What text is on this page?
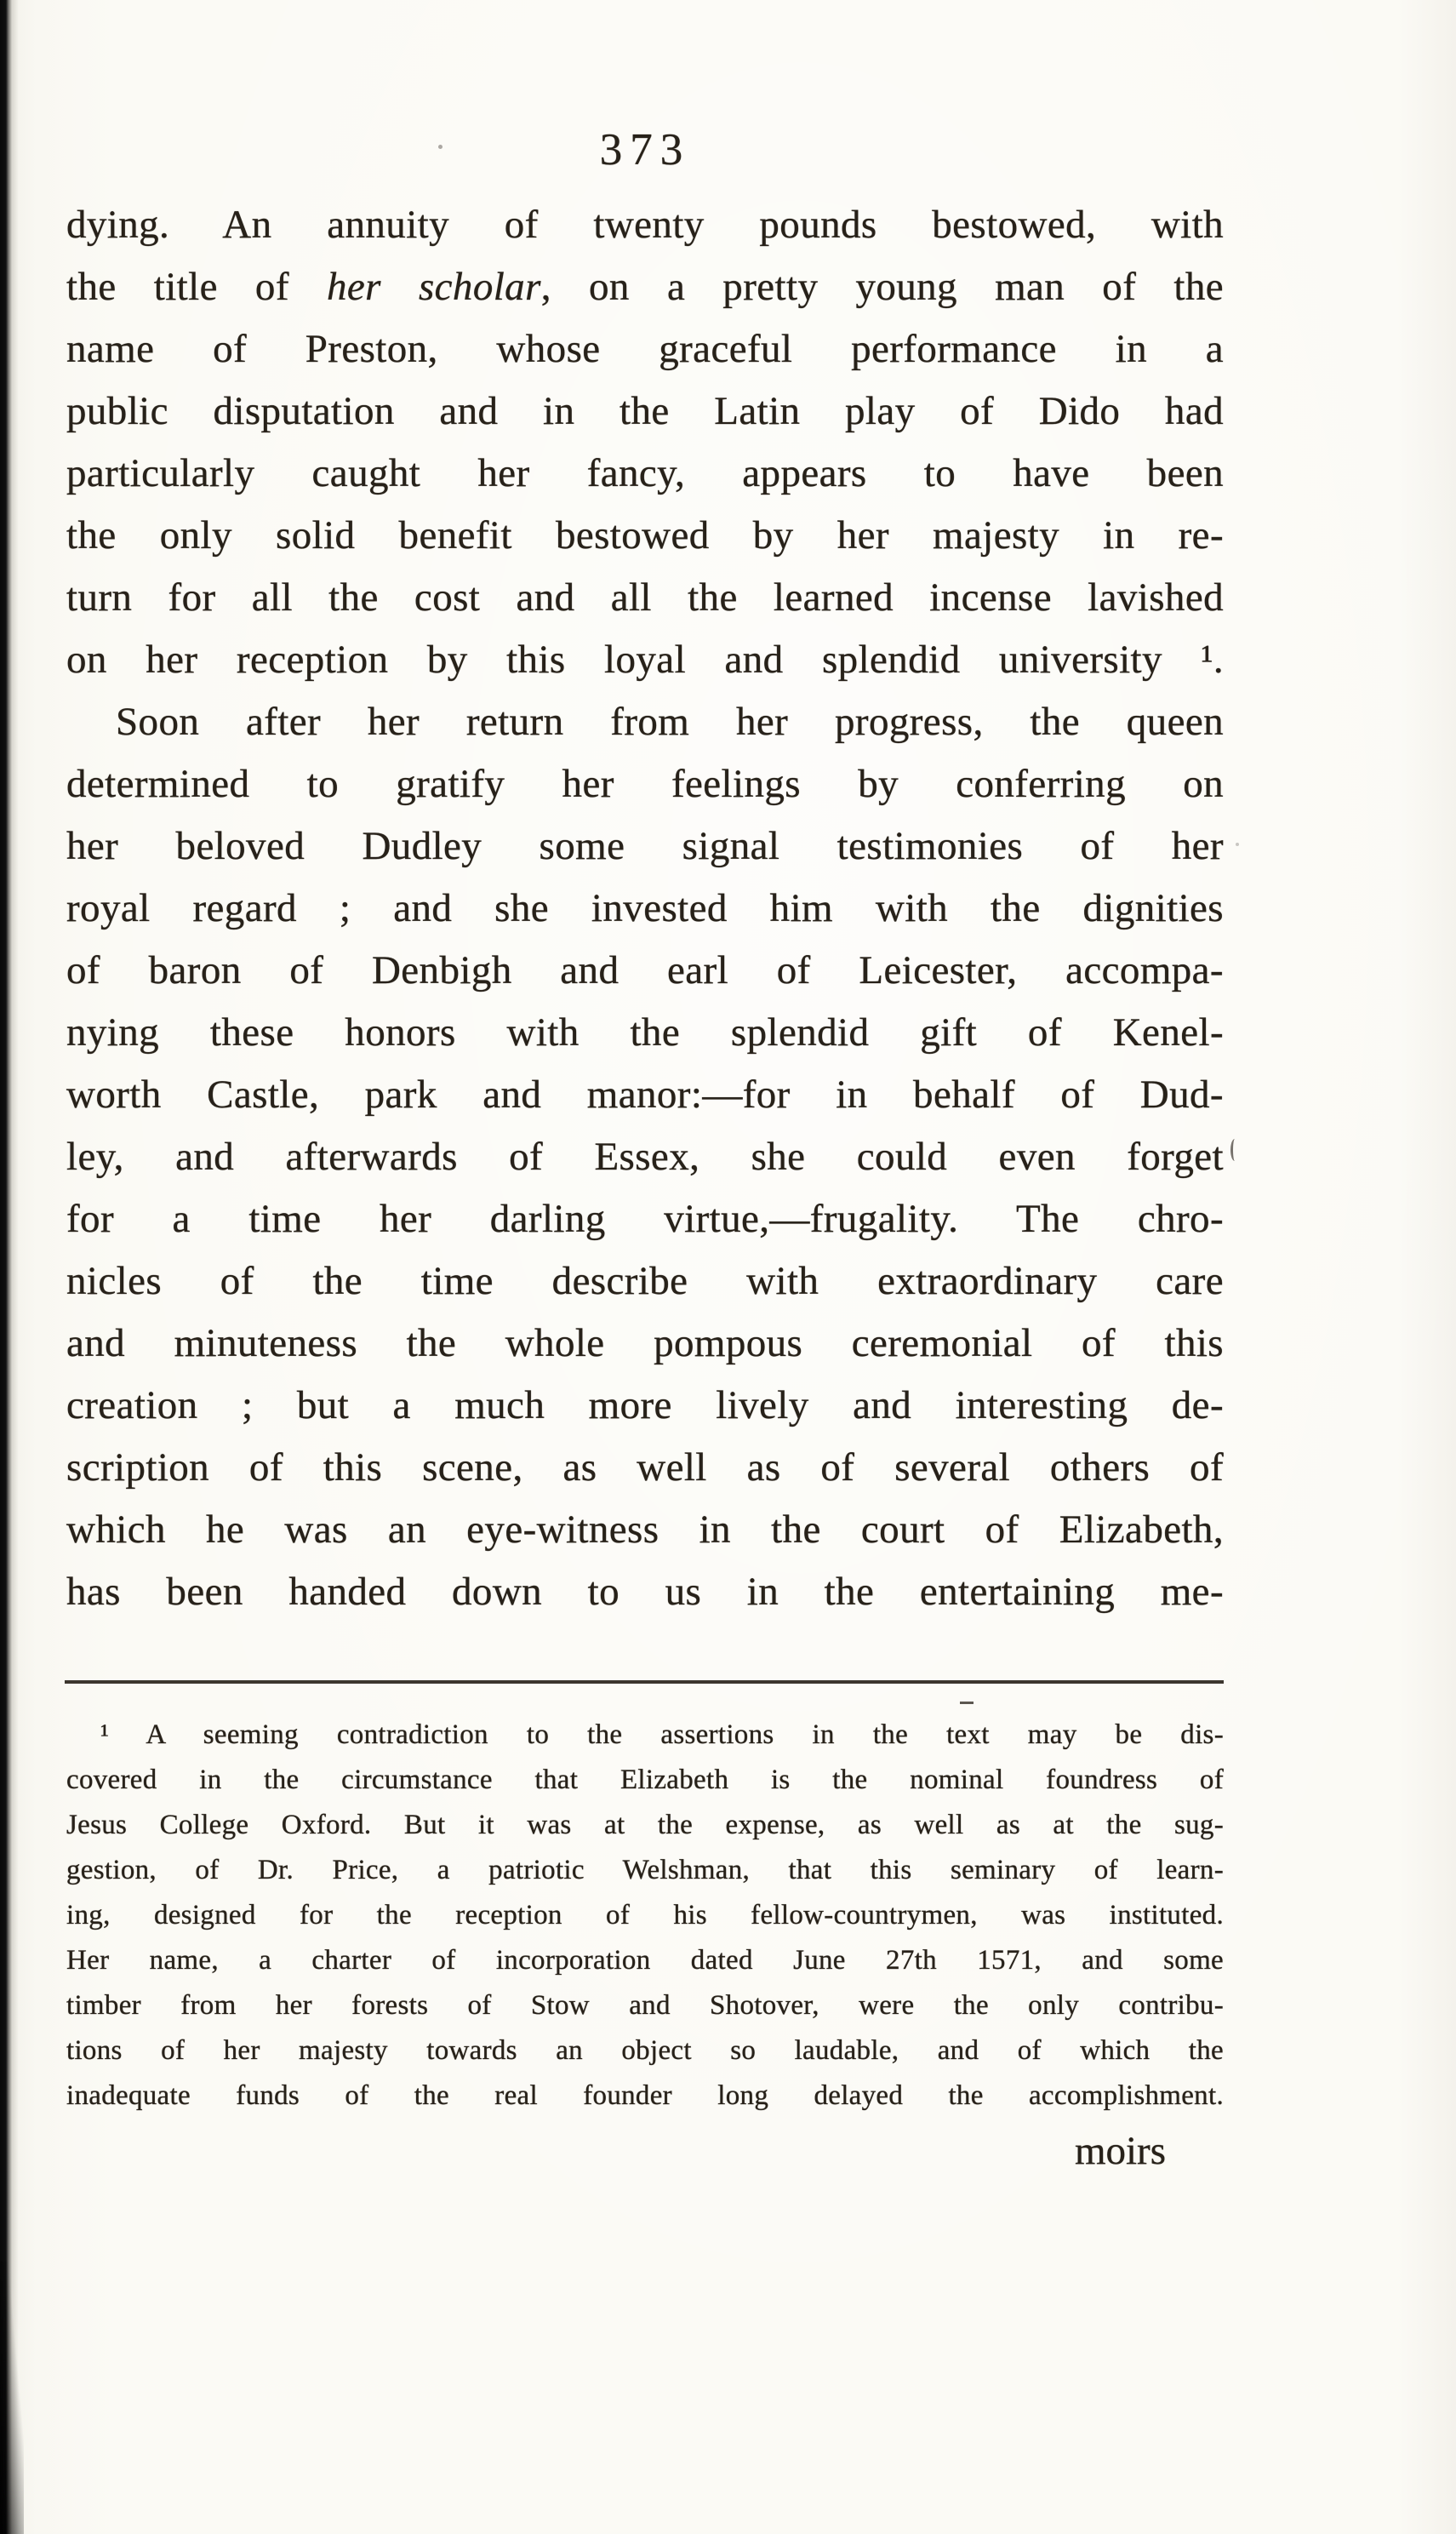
373
dying. An annuity of twenty pounds bestowed, with
the title of her scholar, on a pretty young man of the
name of Preston, whose graceful performance in a
public disputation and in the Latin play of Dido had
particularly caught her fancy, appears to have been
the only solid benefit bestowed by her majesty in re-
turn for all the cost and all the learned incense lavished
on her reception by this loyal and splendid university ¹.
Soon after her return from her progress, the queen
determined to gratify her feelings by conferring on
her beloved Dudley some signal testimonies of her
royal regard ; and she invested him with the dignities
of baron of Denbigh and earl of Leicester, accompa-
nying these honors with the splendid gift of Kenel-
worth Castle, park and manor:—for in behalf of Dud-
ley, and afterwards of Essex, she could even forget
for a time her darling virtue,—frugality. The chro-
nicles of the time describe with extraordinary care
and minuteness the whole pompous ceremonial of this
creation ; but a much more lively and interesting de-
scription of this scene, as well as of several others of
which he was an eye-witness in the court of Elizabeth,
has been handed down to us in the entertaining me-
¹ A seeming contradiction to the assertions in the text may be dis-
covered in the circumstance that Elizabeth is the nominal foundress of
Jesus College Oxford. But it was at the expense, as well as at the sug-
gestion, of Dr. Price, a patriotic Welshman, that this seminary of learn-
ing, designed for the reception of his fellow-countrymen, was instituted.
Her name, a charter of incorporation dated June 27th 1571, and some
timber from her forests of Stow and Shotover, were the only contribu-
tions of her majesty towards an object so laudable, and of which the
inadequate funds of the real founder long delayed the accomplishment.
moirs
